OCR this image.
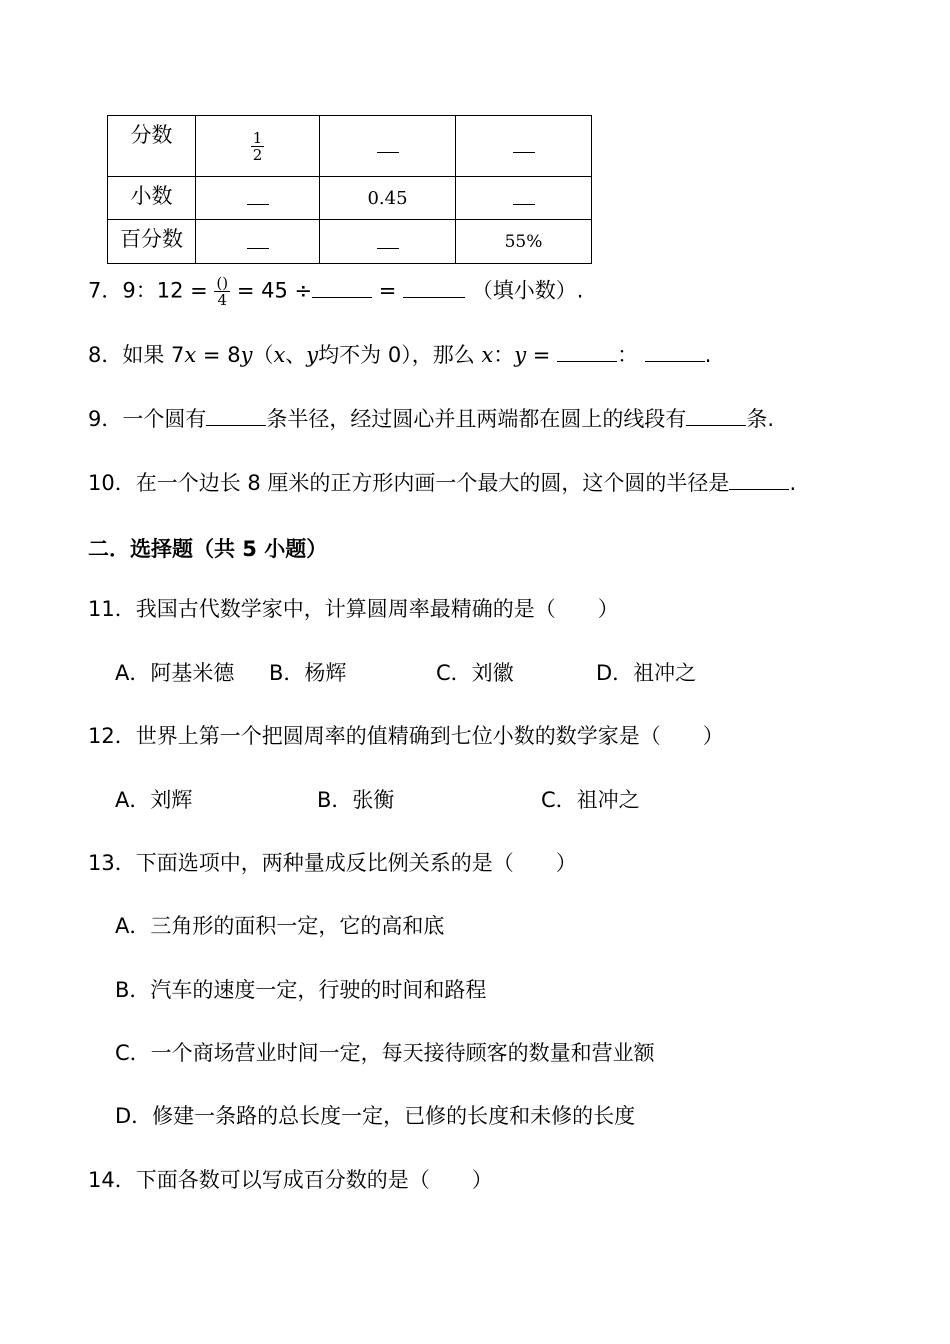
分数	$\frac{1}{2}$

小数		0.45	
百分数			55%
7．9：$12 = \frac{()}{4} = 45$ ÷	=	（填小数）.
8．如果 7x = 8y（x、y均不为 0），那么 x：y =	：	.
9．一个圆有	条半径，经过圆心并且两端都在圆上的线段有	条.
10．在一个边长 8 厘米的正方形内画一个最大的圆，这个圆的半径是	.
二．选择题（共 5 小题）
11．我国古代数学家中，计算圆周率最精确的是（　　）
A．阿基米德 B．杨辉	C．刘徽	D．祖冲之
12．世界上第一个把圆周率的值精确到七位小数的数学家是（　　）
A．刘辉	B．张衡	C．祖冲之
13．下面选项中，两种量成反比例关系的是（　　）
A．三角形的面积一定，它的高和底
B．汽车的速度一定，行驶的时间和路程
C．一个商场营业时间一定，每天接待顾客的数量和营业额
D．修建一条路的总长度一定，已修的长度和未修的长度
14．下面各数可以写成百分数的是（　　）
